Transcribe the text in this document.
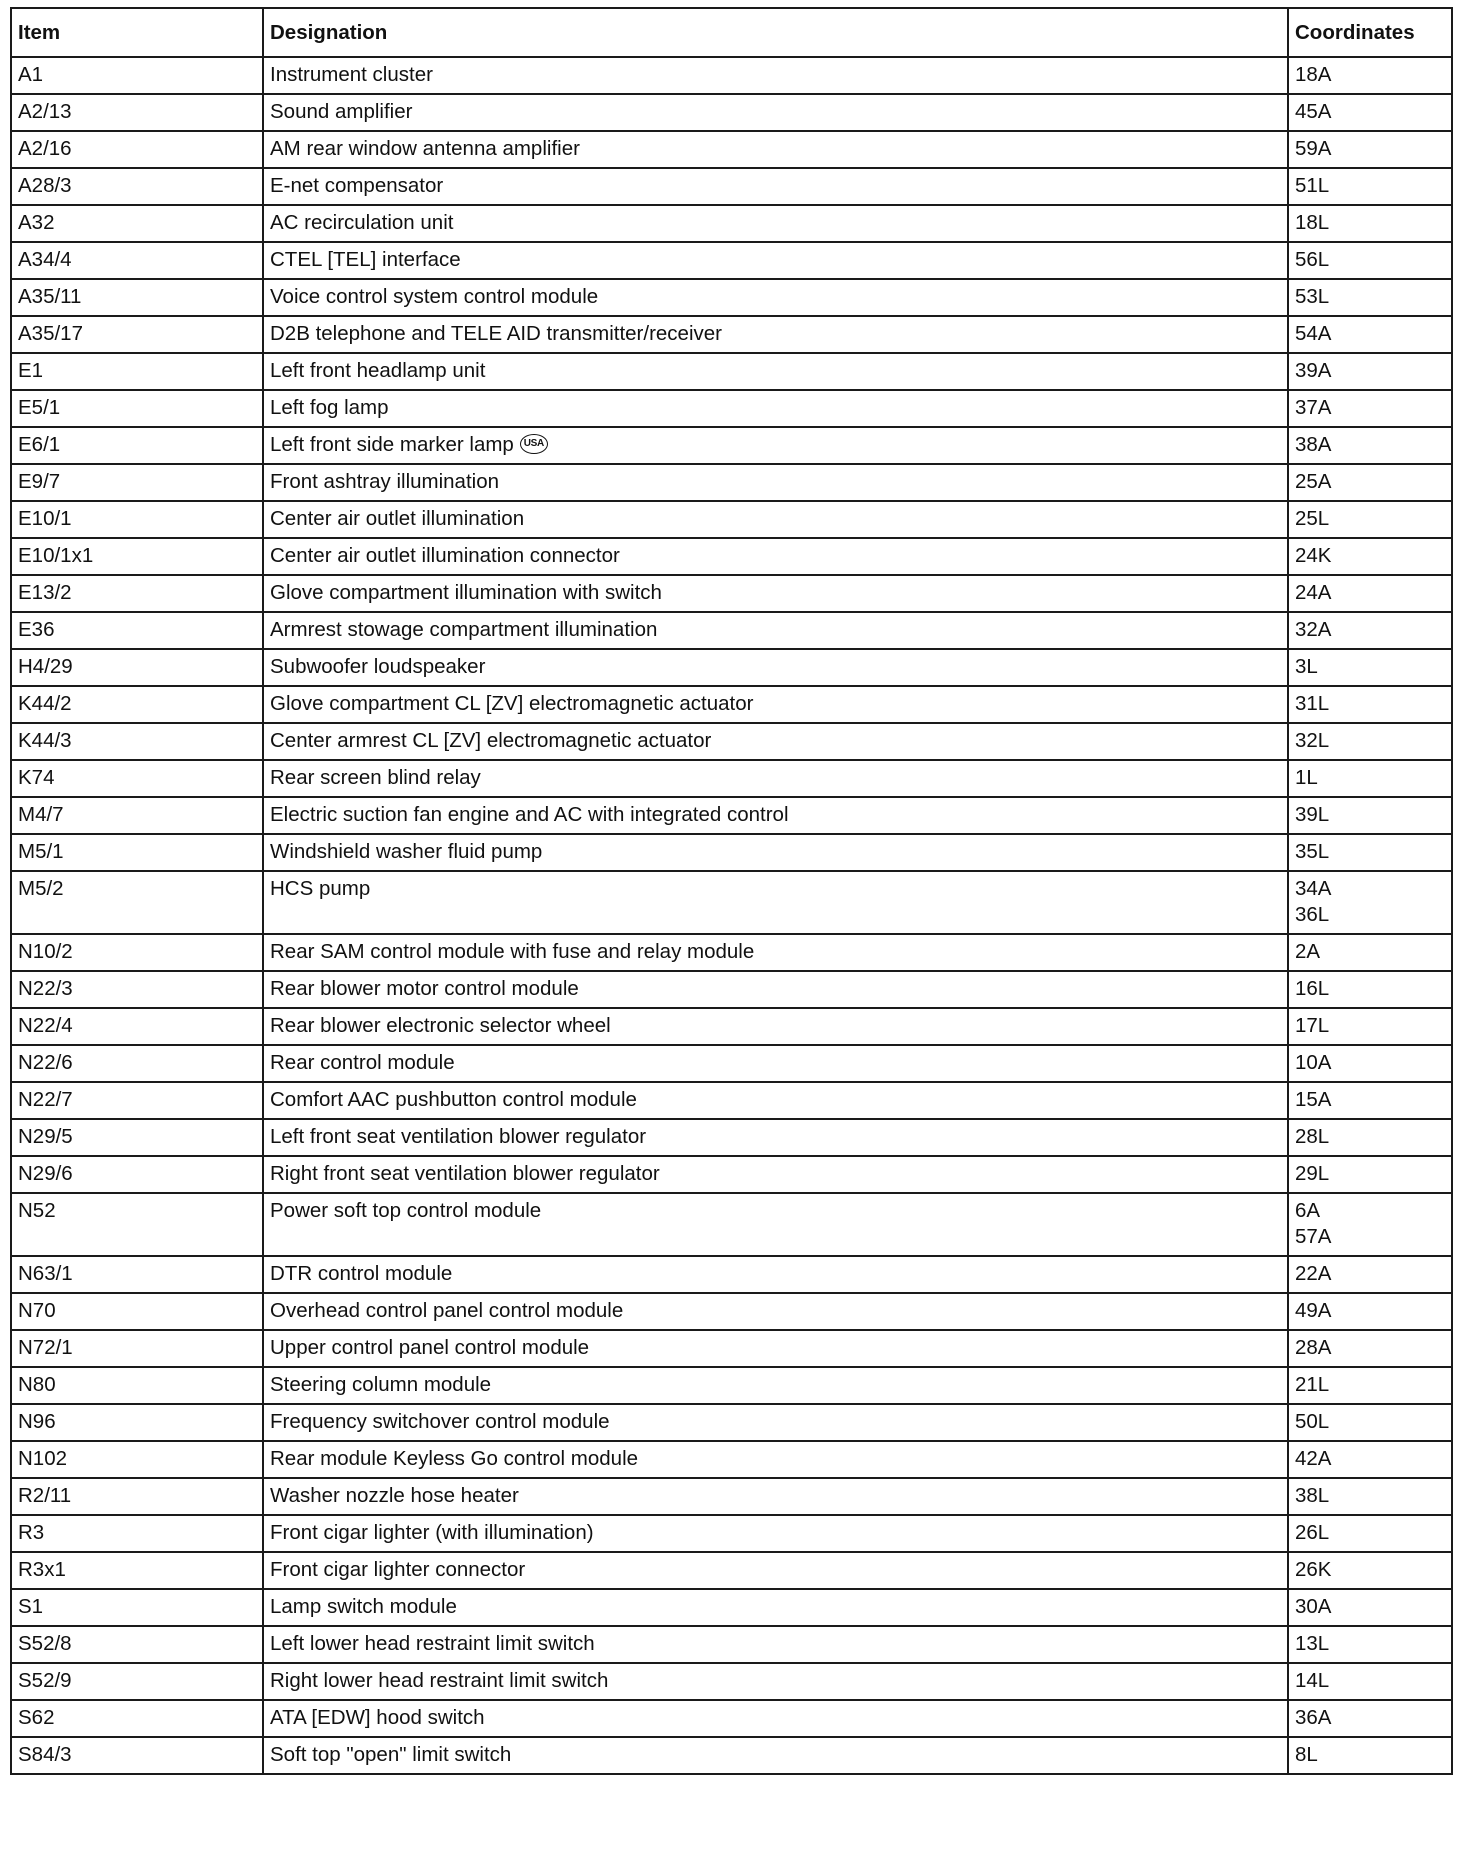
Item	Designation	Coordinates
A1	Instrument cluster	18A

A2/13	Sound amplifier	45A

A2/16	AM rear window antenna amplifier	59A

A28/3	E-net compensator	51L

A32	AC recirculation unit	18L

A34/4	CTEL [TEL] interface	56L

A35/11	Voice control system control module	53L

A35/17	D2B telephone and TELE AID transmitter/receiver	54A

E1	Left front headlamp unit	39A

E5/1	Left fog lamp	37A

E6/1	Left front side marker lamp USA	38A

E9/7	Front ashtray illumination	25A

E10/1	Center air outlet illumination	25L

E10/1x1	Center air outlet illumination connector	24K

E13/2	Glove compartment illumination with switch	24A

E36	Armrest stowage compartment illumination	32A

H4/29	Subwoofer loudspeaker	3L

K44/2	Glove compartment CL [ZV] electromagnetic actuator	31L

K44/3	Center armrest CL [ZV] electromagnetic actuator	32L

K74	Rear screen blind relay	1L

M4/7	Electric suction fan engine and AC with integrated control	39L

M5/1	Windshield washer fluid pump	35L

M5/2	HCS pump	34A
36L

N10/2	Rear SAM control module with fuse and relay module	2A

N22/3	Rear blower motor control module	16L

N22/4	Rear blower electronic selector wheel	17L

N22/6	Rear control module	10A

N22/7	Comfort AAC pushbutton control module	15A

N29/5	Left front seat ventilation blower regulator	28L

N29/6	Right front seat ventilation blower regulator	29L

N52	Power soft top control module	6A
57A

N63/1	DTR control module	22A

N70	Overhead control panel control module	49A

N72/1	Upper control panel control module	28A

N80	Steering column module	21L

N96	Frequency switchover control module	50L

N102	Rear module Keyless Go control module	42A

R2/11	Washer nozzle hose heater	38L

R3	Front cigar lighter (with illumination)	26L

R3x1	Front cigar lighter connector	26K

S1	Lamp switch module	30A

S52/8	Left lower head restraint limit switch	13L

S52/9	Right lower head restraint limit switch	14L

S62	ATA [EDW] hood switch	36A

S84/3	Soft top "open" limit switch	8L
